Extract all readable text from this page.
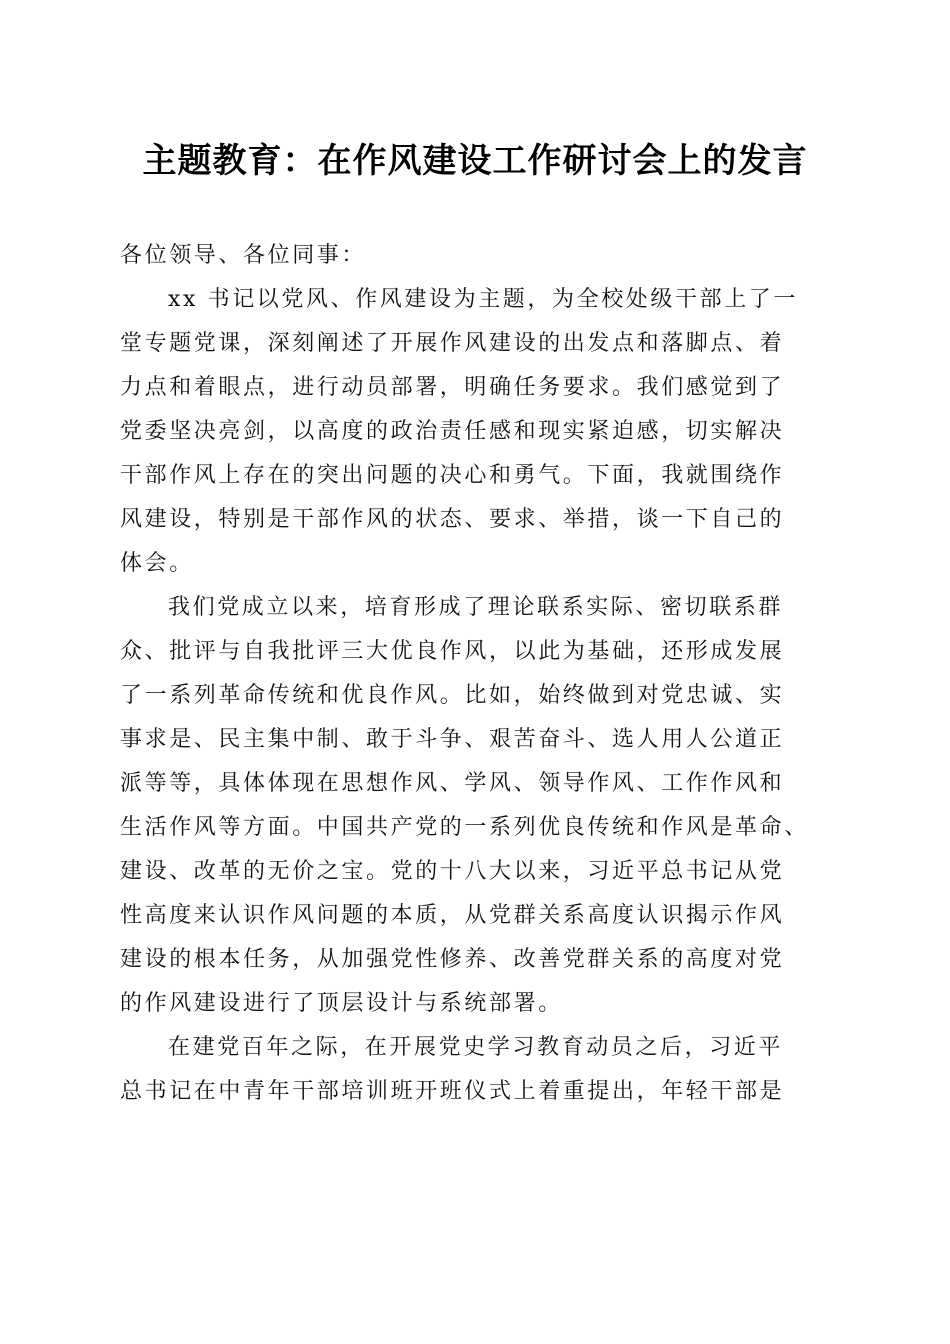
主题教育：在作风建设工作研讨会上的发言
各位领导、各位同事：
xx 书记以党风、作风建设为主题，为全校处级干部上了一
堂专题党课，深刻阐述了开展作风建设的出发点和落脚点、着
力点和着眼点，进行动员部署，明确任务要求。我们感觉到了
党委坚决亮剑，以高度的政治责任感和现实紧迫感，切实解决
干部作风上存在的突出问题的决心和勇气。下面，我就围绕作
风建设，特别是干部作风的状态、要求、举措，谈一下自己的
体会。
我们党成立以来，培育形成了理论联系实际、密切联系群
众、批评与自我批评三大优良作风，以此为基础，还形成发展
了一系列革命传统和优良作风。比如，始终做到对党忠诚、实
事求是、民主集中制、敢于斗争、艰苦奋斗、选人用人公道正
派等等，具体体现在思想作风、学风、领导作风、工作作风和
生活作风等方面。中国共产党的一系列优良传统和作风是革命、
建设、改革的无价之宝。党的十八大以来，习近平总书记从党
性高度来认识作风问题的本质，从党群关系高度认识揭示作风
建设的根本任务，从加强党性修养、改善党群关系的高度对党
的作风建设进行了顶层设计与系统部署。
在建党百年之际，在开展党史学习教育动员之后，习近平
总书记在中青年干部培训班开班仪式上着重提出，年轻干部是
